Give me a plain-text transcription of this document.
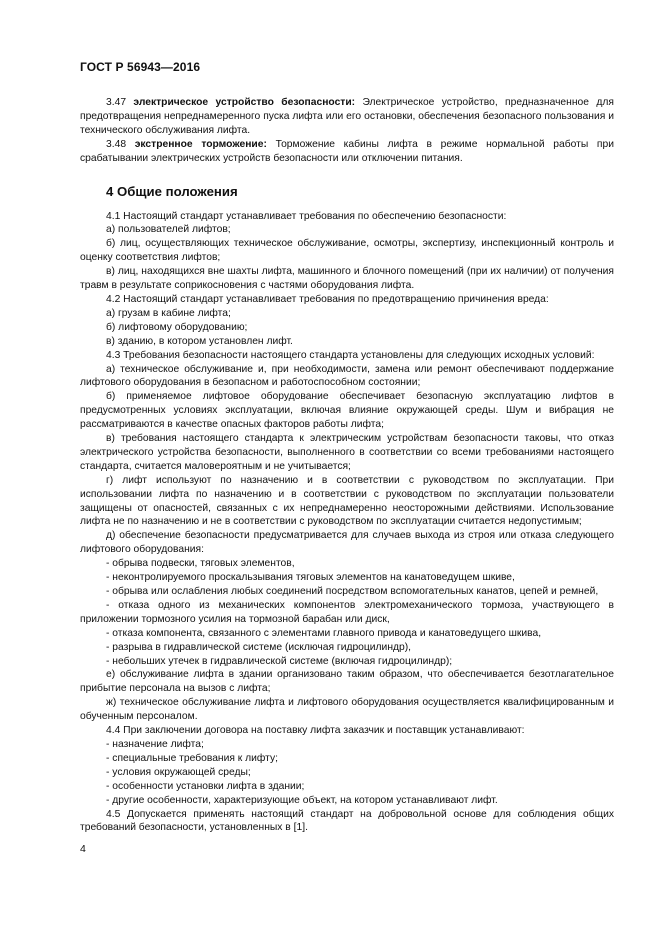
ГОСТ Р 56943—2016

3.47 электрическое устройство безопасности: Электрическое устройство, предназначенное для предотвращения непреднамеренного пуска лифта или его остановки, обеспечения безопасного пользования и технического обслуживания лифта.

3.48 экстренное торможение: Торможение кабины лифта в режиме нормальной работы при срабатывании электрических устройств безопасности или отключении питания.

4 Общие положения

4.1 Настоящий стандарт устанавливает требования по обеспечению безопасности:

а) пользователей лифтов;

б) лиц, осуществляющих техническое обслуживание, осмотры, экспертизу, инспекционный контроль и оценку соответствия лифтов;

в) лиц, находящихся вне шахты лифта, машинного и блочного помещений (при их наличии) от получения травм в результате соприкосновения с частями оборудования лифта.

4.2 Настоящий стандарт устанавливает требования по предотвращению причинения вреда:

а) грузам в кабине лифта;

б) лифтовому оборудованию;

в) зданию, в котором установлен лифт.

4.3 Требования безопасности настоящего стандарта установлены для следующих исходных условий:

а) техническое обслуживание и, при необходимости, замена или ремонт обеспечивают поддержание лифтового оборудования в безопасном и работоспособном состоянии;

б) применяемое лифтовое оборудование обеспечивает безопасную эксплуатацию лифтов в предусмотренных условиях эксплуатации, включая влияние окружающей среды. Шум и вибрация не рассматриваются в качестве опасных факторов работы лифта;

в) требования настоящего стандарта к электрическим устройствам безопасности таковы, что отказ электрического устройства безопасности, выполненного в соответствии со всеми требованиями настоящего стандарта, считается маловероятным и не учитывается;

г) лифт используют по назначению и в соответствии с руководством по эксплуатации. При использовании лифта по назначению и в соответствии с руководством по эксплуатации пользователи защищены от опасностей, связанных с их непреднамеренно неосторожными действиями. Использование лифта не по назначению и не в соответствии с руководством по эксплуатации считается недопустимым;

д) обеспечение безопасности предусматривается для случаев выхода из строя или отказа следующего лифтового оборудования:

- обрыва подвески, тяговых элементов,

- неконтролируемого проскальзывания тяговых элементов на канатоведущем шкиве,

- обрыва или ослабления любых соединений посредством вспомогательных канатов, цепей и ремней,

- отказа одного из механических компонентов электромеханического тормоза, участвующего в приложении тормозного усилия на тормозной барабан или диск,

- отказа компонента, связанного с элементами главного привода и канатоведущего шкива,

- разрыва в гидравлической системе (исключая гидроцилиндр),

- небольших утечек в гидравлической системе (включая гидроцилиндр);

е) обслуживание лифта в здании организовано таким образом, что обеспечивается безотлагательное прибытие персонала на вызов с лифта;

ж) техническое обслуживание лифта и лифтового оборудования осуществляется квалифицированным и обученным персоналом.

4.4 При заключении договора на поставку лифта заказчик и поставщик устанавливают:

- назначение лифта;

- специальные требования к лифту;

- условия окружающей среды;

- особенности установки лифта в здании;

- другие особенности, характеризующие объект, на котором устанавливают лифт.

4.5 Допускается применять настоящий стандарт на добровольной основе для соблюдения общих требований безопасности, установленных в [1].

4
